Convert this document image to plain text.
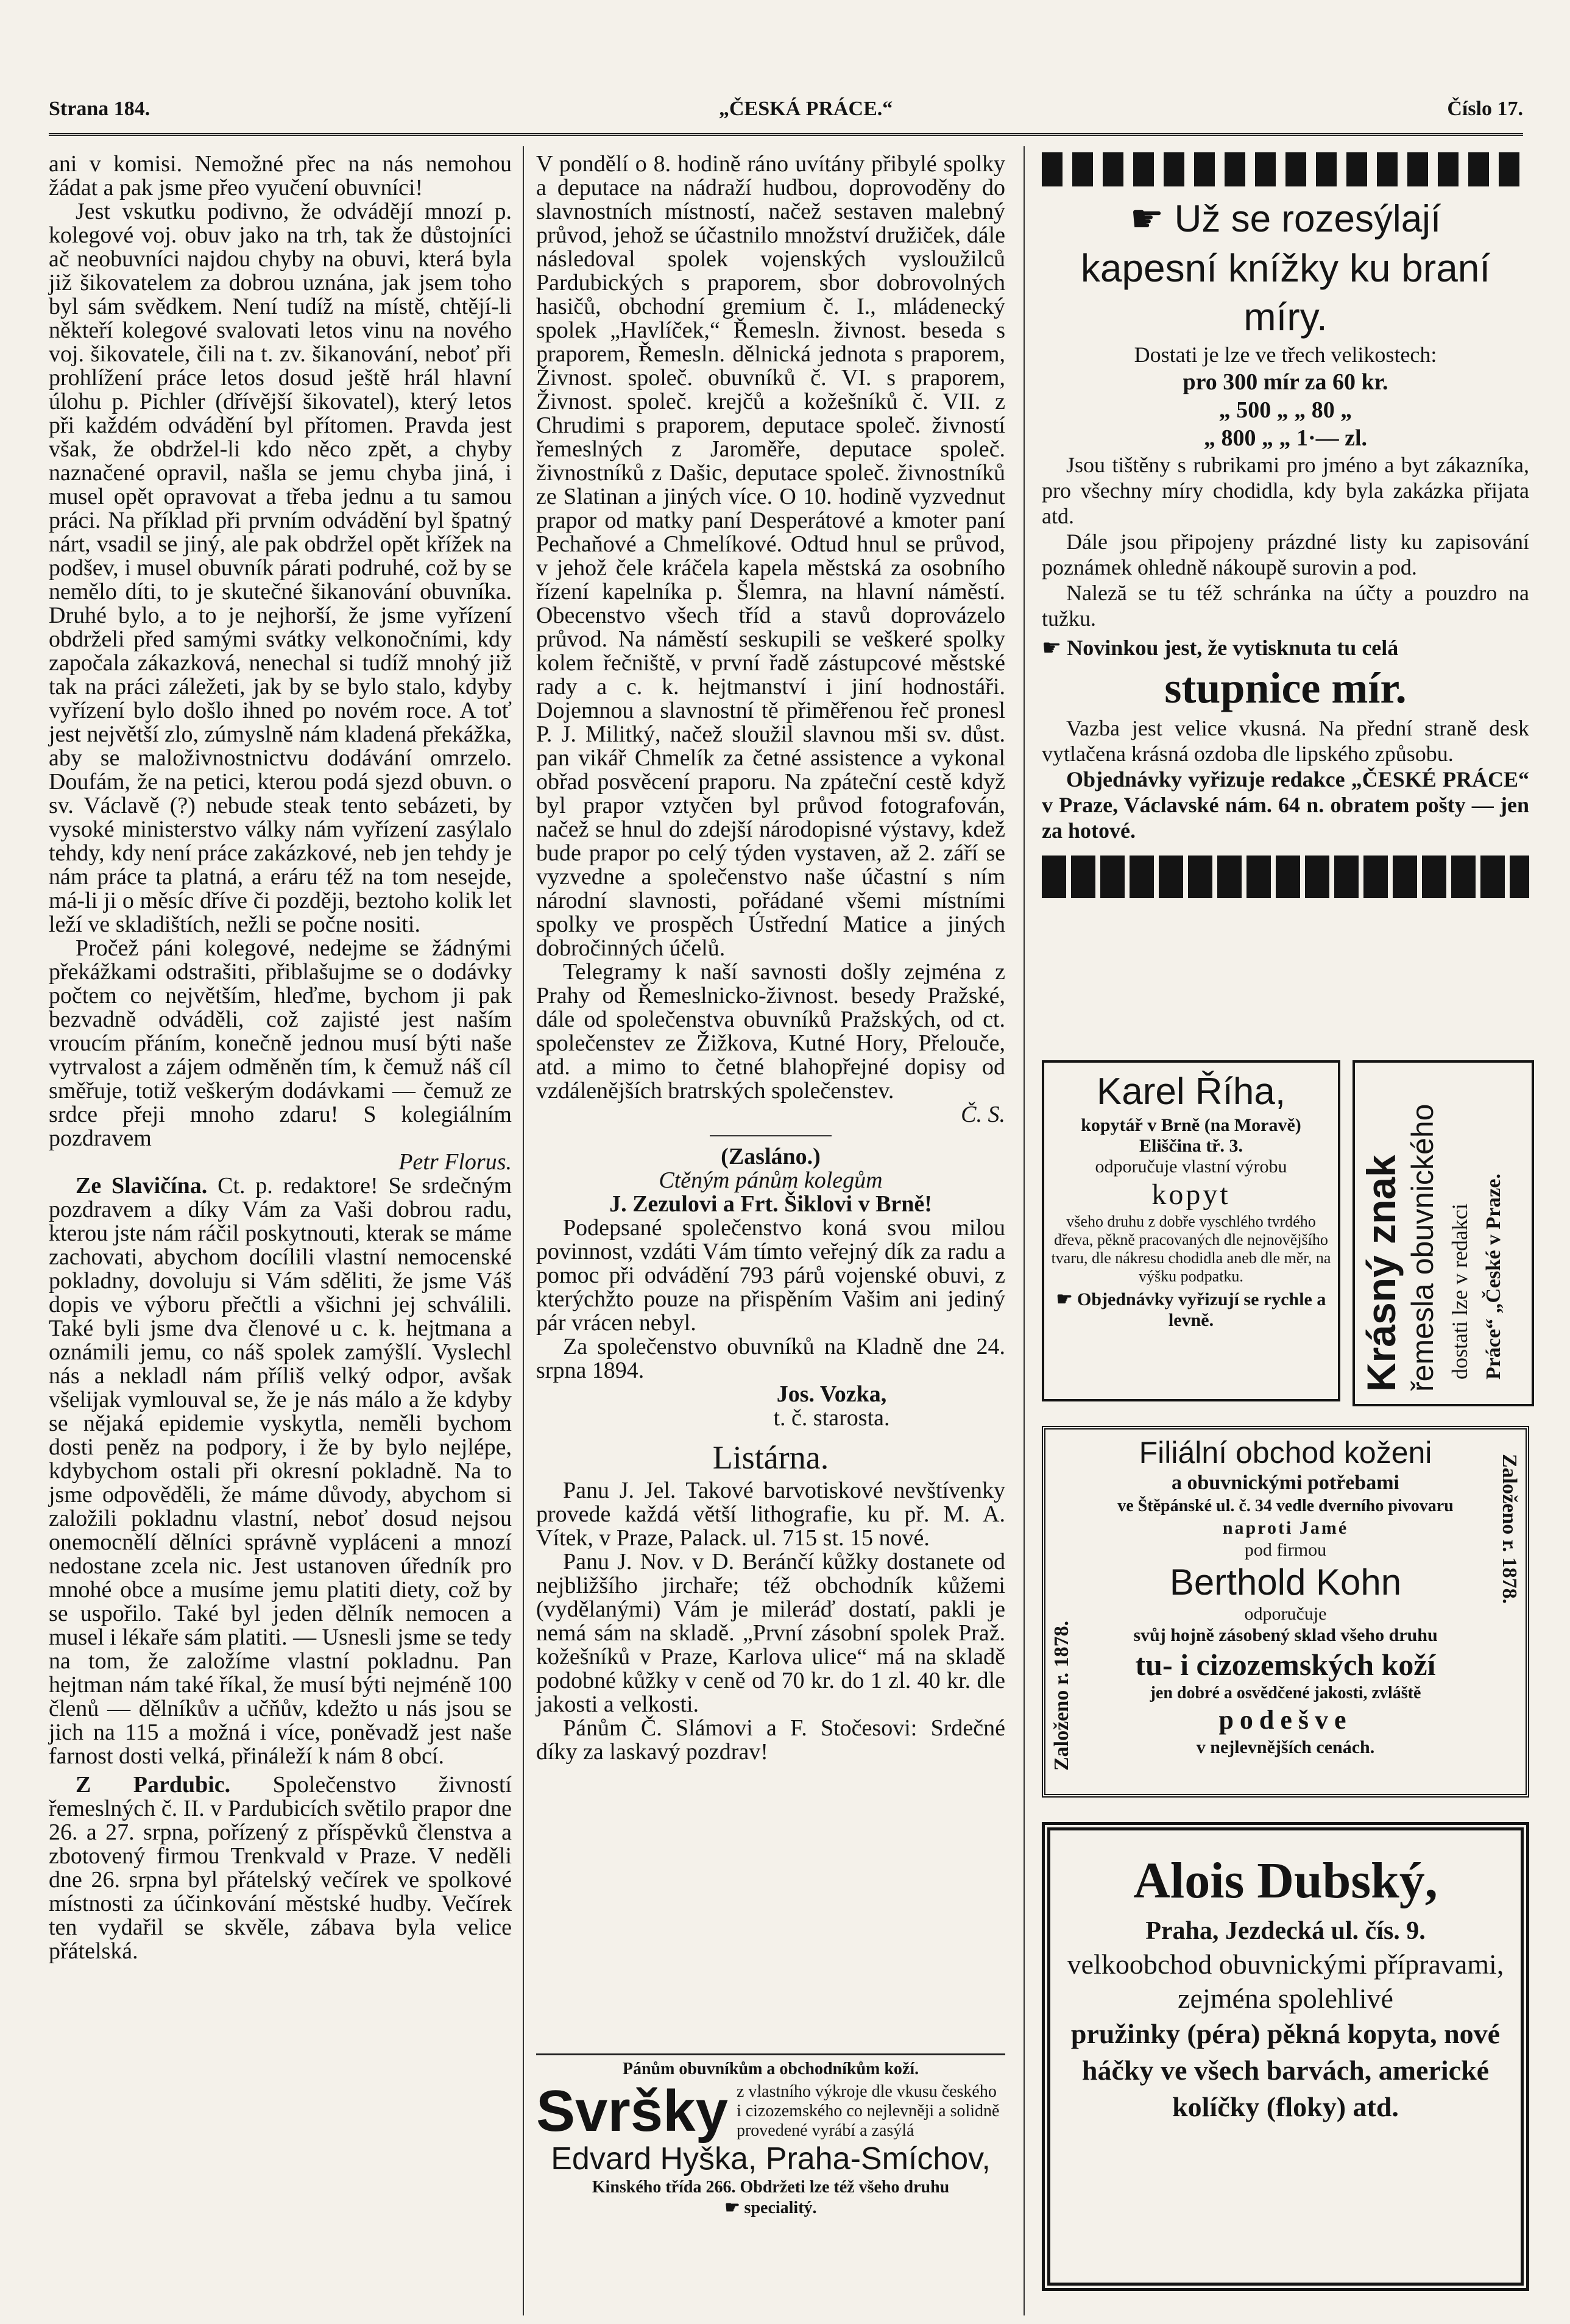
Strana 184.	„ČESKÁ PRÁCE.“	Číslo 17.

ani v komisi. Nemožné přec na nás nemohou žádat a pak jsme přeo vyučení obuvníci!

Jest vskutku podivno, že odvádějí mnozí p. kolegové voj. obuv jako na trh, tak že důstojníci ač neobuvníci najdou chyby na obuvi, která byla již šikovatelem za dobrou uznána, jak jsem toho byl sám svědkem. Není tudíž na místě, chtějí-li někteří kolegové svalovati letos vinu na nového voj. šikovatele, čili na t. zv. šikanování, neboť při prohlížení práce letos dosud ještě hrál hlavní úlohu p. Pichler (dřívější šikovatel), který letos při každém odvádění byl přítomen. Pravda jest však, že obdržel-li kdo něco zpět, a chyby naznačené opravil, našla se jemu chyba jiná, i musel opět opravovat a třeba jednu a tu samou práci. Na příklad při prvním odvádění byl špatný nárt, vsadil se jiný, ale pak obdržel opět křížek na podšev, i musel obuvník párati podruhé, což by se nemělo díti, to je skutečné šikanování obuvníka. Druhé bylo, a to je nejhorší, že jsme vyřízení obdrželi před samými svátky velkonočními, kdy započala zákazková, nenechal si tudíž mnohý již tak na práci záležeti, jak by se bylo stalo, kdyby vyřízení bylo došlo ihned po novém roce. A toť jest největší zlo, zúmyslně nám kladená překážka, aby se maloživnostnictvu dodávání omrzelo. Doufám, že na petici, kterou podá sjezd obuvn. o sv. Václavě (?) nebude steak tento sebázeti, by vysoké ministerstvo války nám vyřízení zasýlalo tehdy, kdy není práce zakázkové, neb jen tehdy je nám práce ta platná, a eráru též na tom nesejde, má-li ji o měsíc dříve či později, beztoho kolik let leží ve skladištích, nežli se počne nositi.

Pročež páni kolegové, nedejme se žádnými překážkami odstrašiti, přiblašujme se o dodávky počtem co největším, hleďme, bychom ji pak bezvadně odváděli, což zajisté jest naším vroucím přáním, konečně jednou musí býti naše vytrvalost a zájem odměněn tím, k čemuž náš cíl směřuje, totiž veškerým dodávkami — čemuž ze srdce přeji mnoho zdaru! S kolegiálním pozdravem

Petr Florus.

Ze Slavičína. Ct. p. redaktore! Se srdečným pozdravem a díky Vám za Vaši dobrou radu, kterou jste nám ráčil poskytnouti, kterak se máme zachovati, abychom docílili vlastní nemocenské pokladny, dovoluju si Vám sděliti, že jsme Váš dopis ve výboru přečtli a všichni jej schválili. Také byli jsme dva členové u c. k. hejtmana a oznámili jemu, co náš spolek zamýšlí. Vyslechl nás a nekladl nám příliš velký odpor, avšak všelijak vymlouval se, že je nás málo a že kdyby se nějaká epidemie vyskytla, neměli bychom dosti peněz na podpory, i že by bylo nejlépe, kdybychom ostali při okresní pokladně. Na to jsme odpověděli, že máme důvody, abychom si založili pokladnu vlastní, neboť dosud nejsou onemocnělí dělníci správně vypláceni a mnozí nedostane zcela nic. Jest ustanoven úředník pro mnohé obce a musíme jemu platiti diety, což by se uspořilo. Také byl jeden dělník nemocen a musel i lékaře sám platiti. — Usnesli jsme se tedy na tom, že založíme vlastní pokladnu. Pan hejtman nám také říkal, že musí býti nejméně 100 členů — dělníkův a učňův, kdežto u nás jsou se jich na 115 a možná i více, poněvadž jest naše farnost dosti velká, přináleží k nám 8 obcí.

Z Pardubic. Společenstvo živností řemeslných č. II. v Pardubicích světilo prapor dne 26. a 27. srpna, pořízený z příspěvků členstva a zbotovený firmou Trenkvald v Praze. V neděli dne 26. srpna byl přátelský večírek ve spolkové místnosti za účinkování městské hudby. Večírek ten vydařil se skvěle, zábava byla velice přátelská.

V pondělí o 8. hodině ráno uvítány přibylé spolky a deputace na nádraží hudbou, doprovoděny do slavnostních místností, načež sestaven malebný průvod, jehož se účastnilo množství družiček, dále následoval spolek vojenských vysloužilců Pardubických s praporem, sbor dobrovolných hasičů, obchodní gremium č. I., mládenecký spolek „Havlíček,“ Řemesln. živnost. beseda s praporem, Řemesln. dělnická jednota s praporem, Živnost. společ. obuvníků č. VI. s praporem, Živnost. společ. krejčů a kožešníků č. VII. z Chrudimi s praporem, deputace společ. živností řemeslných z Jaroměře, deputace společ. živnostníků z Dašic, deputace společ. živnostníků ze Slatinan a jiných více. O 10. hodině vyzvednut prapor od matky paní Desperátové a kmoter paní Pechaňové a Chmelíkové. Odtud hnul se průvod, v jehož čele kráčela kapela městská za osobního řízení kapelníka p. Šlemra, na hlavní náměstí. Obecenstvo všech tříd a stavů doprovázelo průvod. Na náměstí seskupili se veškeré spolky kolem řečniště, v první řadě zástupcové městské rady a c. k. hejtmanství i jiní hodnostáři. Dojemnou a slavnostní tě přiměřenou řeč pronesl P. J. Militký, načež sloužil slavnou mši sv. důst. pan vikář Chmelík za četné assistence a vykonal obřad posvěcení praporu. Na zpáteční cestě když byl prapor vztyčen byl průvod fotografován, načež se hnul do zdejší národopisné výstavy, kdež bude prapor po celý týden vystaven, až 2. září se vyzvedne a společenstvo naše účastní s ním národní slavnosti, pořádané všemi místními spolky ve prospěch Ústřední Matice a jiných dobročinných účelů.

Telegramy k naší savnosti došly zejména z Prahy od Řemeslnicko-živnost. besedy Pražské, dále od společenstva obuvníků Pražských, od ct. společenstev ze Žižkova, Kutné Hory, Přelouče, atd. a mimo to četné blahopřejné dopisy od vzdálenějších bratrských společenstev.

Č. S.

(Zasláno.)

Ctěným pánům kolegům

J. Zezulovi a Frt. Šiklovi v Brně!

Podepsané společenstvo koná svou milou povinnost, vzdáti Vám tímto veřejný dík za radu a pomoc při odvádění 793 párů vojenské obuvi, z kterýchžto pouze na přispěním Vašim ani jediný pár vrácen nebyl.

Za společenstvo obuvníků na Kladně dne 24. srpna 1894.

Jos. Vozka,

t. č. starosta.

Listárna.

Panu J. Jel. Takové barvotiskové nevštívenky provede každá větší lithografie, ku př. M. A. Vítek, v Praze, Palack. ul. 715 st. 15 nové.

Panu J. Nov. v D. Beránčí kůžky dostanete od nejbližšího jirchaře; též obchodník kůžemi (vydělanými) Vám je mileráď dostatí, pakli je nemá sám na skladě. „První zásobní spolek Praž. kožešníků v Praze, Karlova ulice“ má na skladě podobné kůžky v ceně od 70 kr. do 1 zl. 40 kr. dle jakosti a velkosti.

Pánům Č. Slámovi a F. Stočesovi: Srdečné díky za laskavý pozdrav!

Pánům obuvníkům a obchodníkům koží.
Svršky z vlastního výkroje dle vkusu českého i cizozemského co nejlevněji a solidně provedené vyrábí a zasýlá
Edvard Hyška, Praha-Smíchov,
Kinského třída 266. Obdržeti lze též všeho druhu
☛ specialitý.
☛ Už se rozesýlají
kapesní knížky ku braní míry.
Dostati je lze ve třech velikostech:
pro 300 mír za 60 kr.
„ 500 „ „ 80 „
„ 800 „ „ 1·— zl.
Jsou tištěny s rubrikami pro jméno a byt zákazníka, pro všechny míry chodidla, kdy byla zakázka přijata atd.
Dále jsou připojeny prázdné listy ku zapisování poznámek ohledně nákoupě surovin a pod.
Naleză se tu též schránka na účty a pouzdro na tužku.
☛ Novinkou jest, že vytisknuta tu celá
stupnice mír.
Vazba jest velice vkusná. Na přední straně desk vytlačena krásná ozdoba dle lipského způsobu.
Objednávky vyřizuje redakce „ČESKÉ PRÁCE“ v Praze, Václavské nám. 64 n. obratem pošty — jen za hotové.
Karel Říha,
kopytář v Brně (na Moravě)
Eliščina tř. 3.
odporučuje vlastní výrobu
kopyt
všeho druhu z dobře vyschlého tvrdého dřeva, pěkně pracovaných dle nejnovějšího tvaru, dle nákresu chodidla aneb dle měr, na výšku podpatku.
☛ Objednávky vyřizují se rychle a levně.	Krásný znak řemesla obuvnického dostati lze v redakci Práce“ „České v Praze.
Založeno r. 1878.
Založeno r. 1878.
Filiální obchod koženi
a obuvnickými potřebami
ve Štěpánské ul. č. 34 vedle dverního pivovaru
naproti Jamé
pod firmou
Berthold Kohn
odporučuje
svůj hojně zásobený sklad všeho druhu
tu- i cizozemských koží
jen dobré a osvědčené jakosti, zvláště
podešve
v nejlevnějších cenách.
Alois Dubský,
Praha, Jezdecká ul. čís. 9.
velkoobchod obuvnickými přípravami, zejména spolehlivé
pružinky (péra) pěkná kopyta, nové háčky ve všech barvách, americké kolíčky (floky) atd.
